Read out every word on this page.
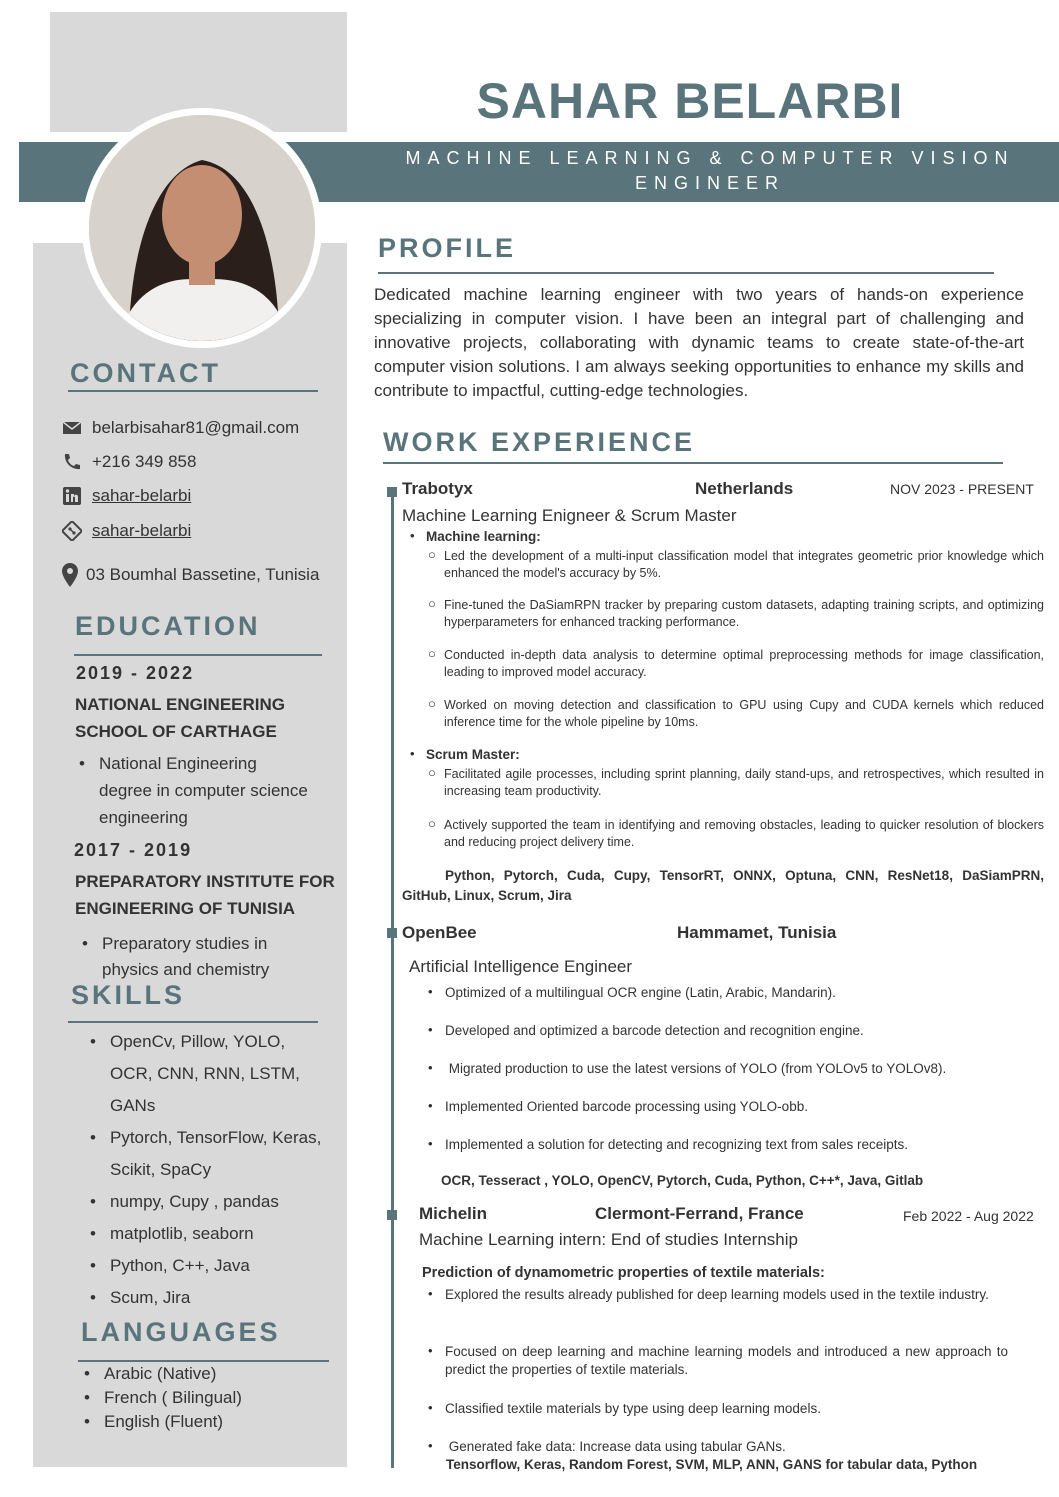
SAHAR BELARBI
MACHINE LEARNING & COMPUTER VISION
ENGINEER
CONTACT
belarbisahar81@gmail.com
+216 349 858
sahar-belarbi
sahar-belarbi
03 Boumhal Bassetine, Tunisia
EDUCATION
2019 - 2022
NATIONAL ENGINEERING
SCHOOL OF CARTHAGE
• National Engineering
degree in computer science
engineering
2017 - 2019
PREPARATORY INSTITUTE FOR
ENGINEERING OF TUNISIA
• Preparatory studies in
physics and chemistry
SKILLS
• OpenCv, Pillow, YOLO,
OCR, CNN, RNN, LSTM,
GANs
• Pytorch, TensorFlow, Keras,
Scikit, SpaCy
• numpy, Cupy , pandas
• matplotlib, seaborn
• Python, C++, Java
• Scum, Jira
LANGUAGES
• Arabic (Native)
• French ( Bilingual)
• English (Fluent)
PROFILE
Dedicated machine learning engineer with two years of hands-on experience specializing in computer vision. I have been an integral part of challenging and innovative projects, collaborating with dynamic teams to create state-of-the-art computer vision solutions. I am always seeking opportunities to enhance my skills and contribute to impactful, cutting-edge technologies.
WORK EXPERIENCE
Trabotyx	Netherlands	NOV 2023 - PRESENT
Machine Learning Enigneer & Scrum Master
Machine learning:
•
Led the development of a multi-input classification model that integrates geometric prior knowledge which enhanced the model's accuracy by 5%.
○
Fine-tuned the DaSiamRPN tracker by preparing custom datasets, adapting training scripts, and optimizing hyperparameters for enhanced tracking performance.
○
Conducted in-depth data analysis to determine optimal preprocessing methods for image classification, leading to improved model accuracy.
○
Worked on moving detection and classification to GPU using Cupy and CUDA kernels which reduced inference time for the whole pipeline by 10ms.
○
Scrum Master:
•
Facilitated agile processes, including sprint planning, daily stand-ups, and retrospectives, which resulted in increasing team productivity.
○
Actively supported the team in identifying and removing obstacles, leading to quicker resolution of blockers and reducing project delivery time.
○
Python, Pytorch, Cuda, Cupy, TensorRT, ONNX, Optuna, CNN, ResNet18, DaSiamPRN,
GitHub, Linux, Scrum, Jira
OpenBee	Hammamet, Tunisia
Artificial Intelligence Engineer
• Optimized of a multilingual OCR engine (Latin, Arabic, Mandarin).
• Developed and optimized a barcode detection and recognition engine.
• Migrated production to use the latest versions of YOLO (from YOLOv5 to YOLOv8).
• Implemented Oriented barcode processing using YOLO-obb.
• Implemented a solution for detecting and recognizing text from sales receipts.
OCR, Tesseract , YOLO, OpenCV, Pytorch, Cuda, Python, C++*, Java, Gitlab
Michelin	Clermont-Ferrand, France	Feb 2022 - Aug 2022
Machine Learning intern: End of studies Internship
Prediction of dynamometric properties of textile materials:
• Explored the results already published for deep learning models used in the textile industry.
• Focused on deep learning and machine learning models and introduced a new approach to predict the properties of textile materials.
• Classified textile materials by type using deep learning models.
• Generated fake data: Increase data using tabular GANs.
Tensorflow, Keras, Random Forest, SVM, MLP, ANN, GANS for tabular data, Python
